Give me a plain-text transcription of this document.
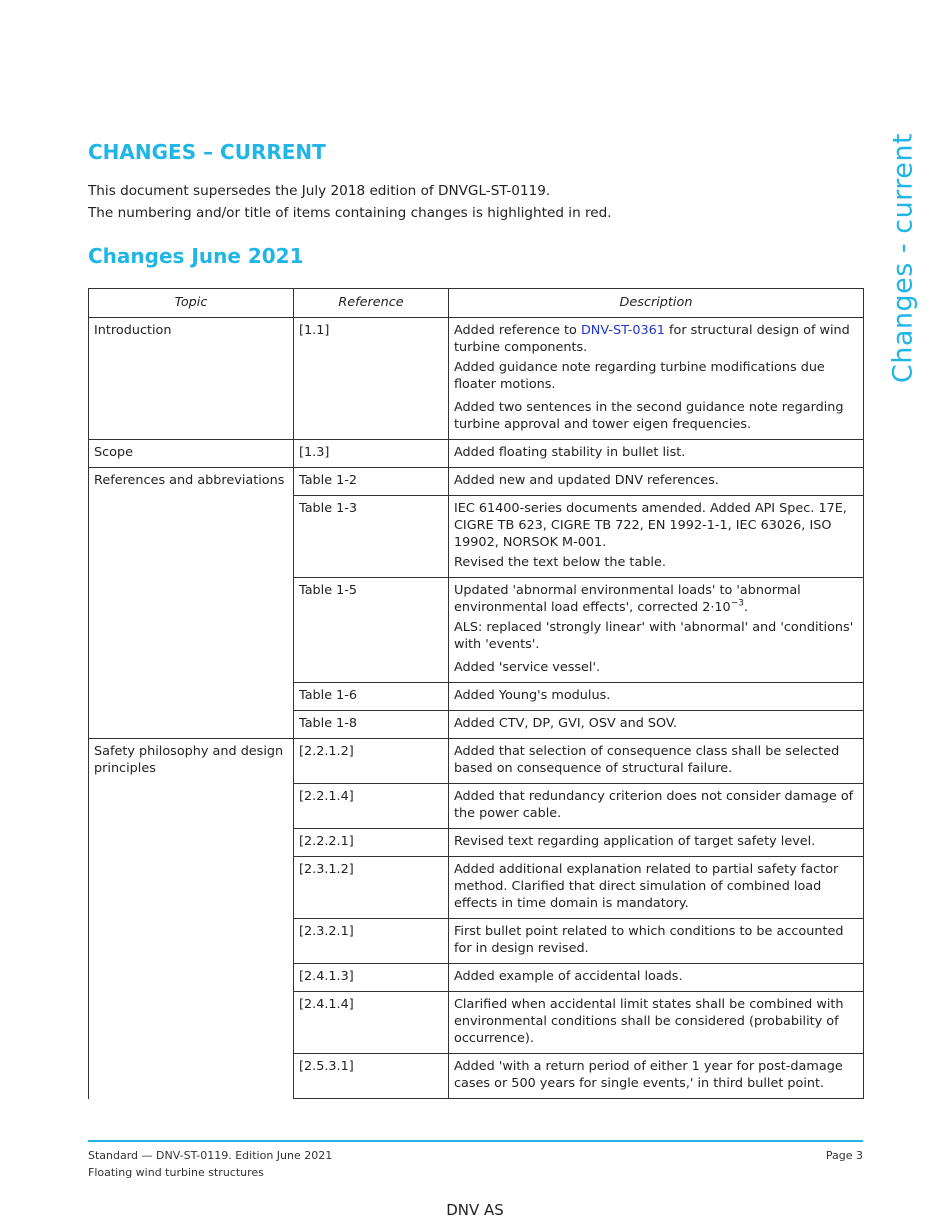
Changes - current
CHANGES – CURRENT

This document supersedes the July 2018 edition of DNVGL-ST-0119.

The numbering and/or title of items containing changes is highlighted in red.

Changes June 2021
Topic	Reference	Description
Introduction	[1.1]	Added reference to DNV-ST-0361 for structural design of wind turbine components.

Added guidance note regarding turbine modifications due floater motions.

Added two sentences in the second guidance note regarding turbine approval and tower eigen frequencies.

Scope	[1.3]	Added floating stability in bullet list.
References and abbreviations	Table 1-2	Added new and updated DNV references.
	Table 1-3	IEC 61400-series documents amended. Added API Spec. 17E, CIGRE TB 623, CIGRE TB 722, EN 1992-1-1, IEC 63026, ISO 19902, NORSOK M-001.

Revised the text below the table.

	Table 1-5	Updated 'abnormal environmental loads' to 'abnormal environmental load effects', corrected $2\cdot 10^{-3}$.

ALS: replaced 'strongly linear' with 'abnormal' and 'conditions' with 'events'.

Added 'service vessel'.

	Table 1-6	Added Young's modulus.
	Table 1-8	Added CTV, DP, GVI, OSV and SOV.
Safety philosophy and design principles	[2.2.1.2]	Added that selection of consequence class shall be selected based on consequence of structural failure.
	[2.2.1.4]	Added that redundancy criterion does not consider damage of the power cable.
	[2.2.2.1]	Revised text regarding application of target safety level.
	[2.3.1.2]	Added additional explanation related to partial safety factor method. Clarified that direct simulation of combined load effects in time domain is mandatory.
	[2.3.2.1]	First bullet point related to which conditions to be accounted for in design revised.
	[2.4.1.3]	Added example of accidental loads.
	[2.4.1.4]	Clarified when accidental limit states shall be combined with environmental conditions shall be considered (probability of occurrence).
	[2.5.3.1]	Added 'with a return period of either 1 year for post-damage cases or 500 years for single events,' in third bullet point.
Standard — DNV-ST-0119. Edition June 2021
Floating wind turbine structures
Page 3
DNV AS
